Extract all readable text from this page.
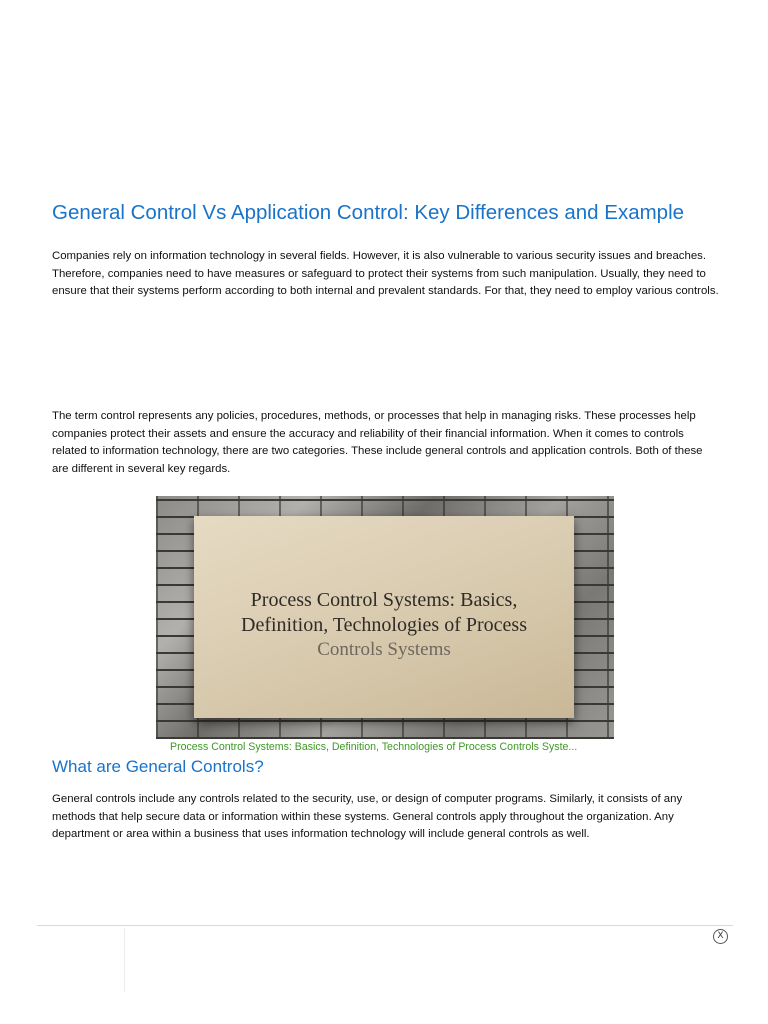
General Control Vs Application Control: Key Differences and Example

Companies rely on information technology in several fields. However, it is also vulnerable to various security issues and breaches. Therefore, companies need to have measures or safeguard to protect their systems from such manipulation. Usually, they need to ensure that their systems perform according to both internal and prevalent standards. For that, they need to employ various controls.

The term control represents any policies, procedures, methods, or processes that help in managing risks. These processes help companies protect their assets and ensure the accuracy and reliability of their financial information. When it comes to controls related to information technology, there are two categories. These include general controls and application controls. Both of these are different in several key regards.

Process Control Systems: Basics,

Definition, Technologies of Process

Controls Systems

Process Control Systems: Basics, Definition, Technologies of Process Controls Syste...

What are General Controls?

General controls include any controls related to the security, use, or design of computer programs. Similarly, it consists of any methods that help secure data or information within these systems. General controls apply throughout the organization. Any department or area within a business that uses information technology will include general controls as well.

X
